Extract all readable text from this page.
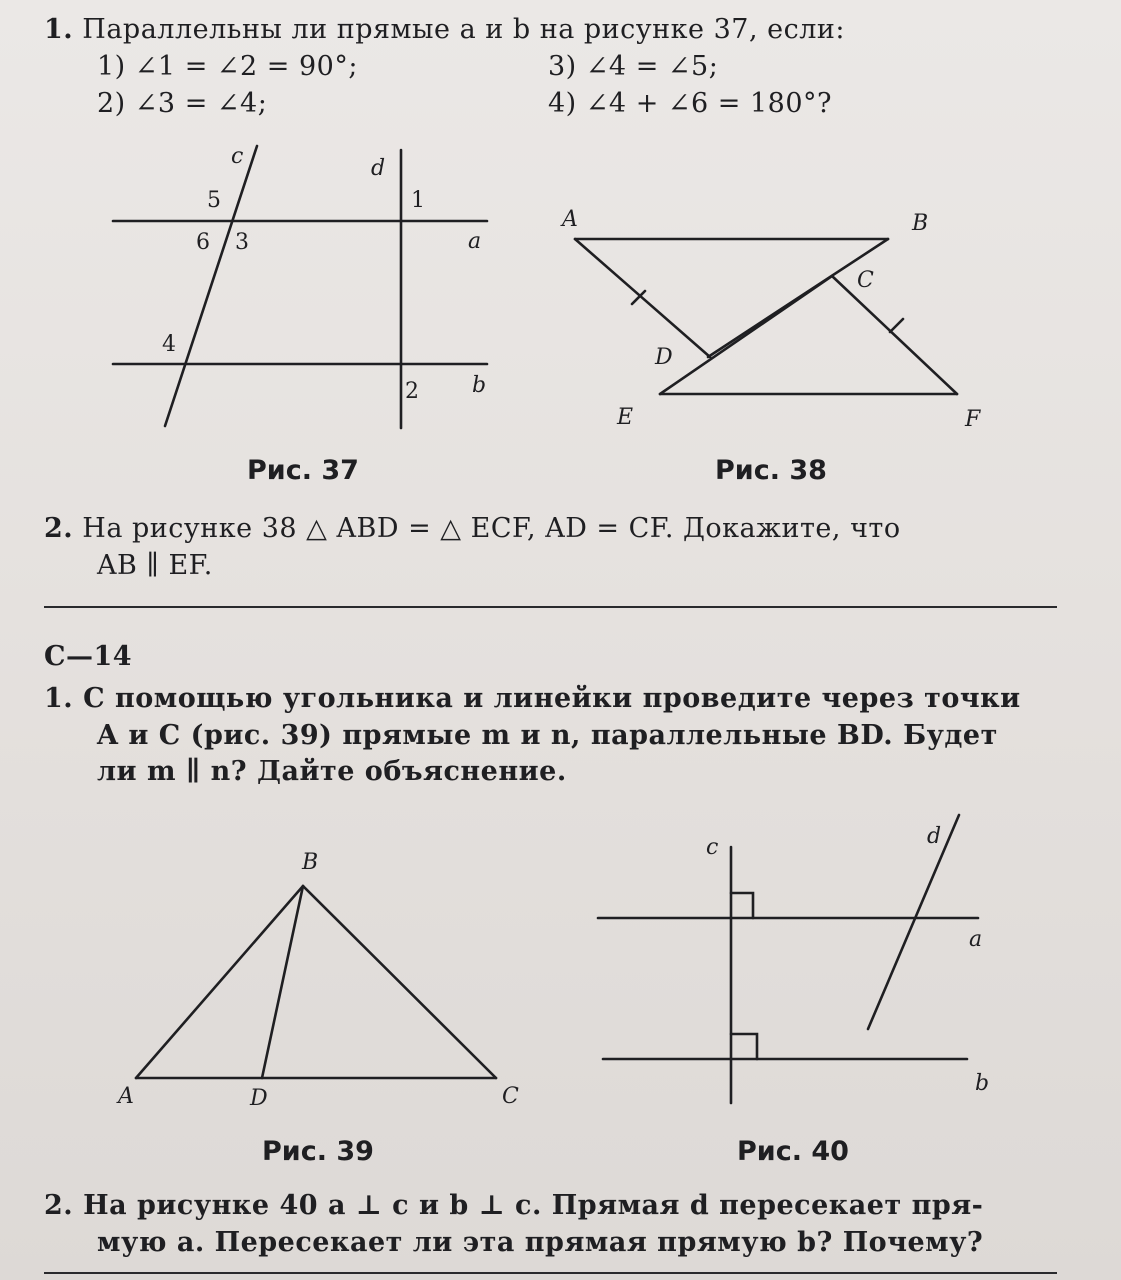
1. Параллельны ли прямые a и b на рисунке 37, если:
1) ∠1 = ∠2 = 90°;	3) ∠4 = ∠5;
2) ∠3 = ∠4;	4) ∠4 + ∠6 = 180°?
c	d
a
b
5	1
6 3
4
2
A	B
C
D
E	F
B
A	D	C
c	d
a
b
Рис. 37	Рис. 38
2. На рисунке 38 △ ABD = △ ECF, AD = CF. Докажите, что
AB ∥ EF.
С—14
1. С помощью угольника и линейки проведите через точки
A и C (рис. 39) прямые m и n, параллельные BD. Будет
ли m ∥ n? Дайте объяснение.
Рис. 39	Рис. 40
2. На рисунке 40 a ⊥ c и b ⊥ c. Прямая d пересекает пря-
мую a. Пересекает ли эта прямая прямую b? Почему?
